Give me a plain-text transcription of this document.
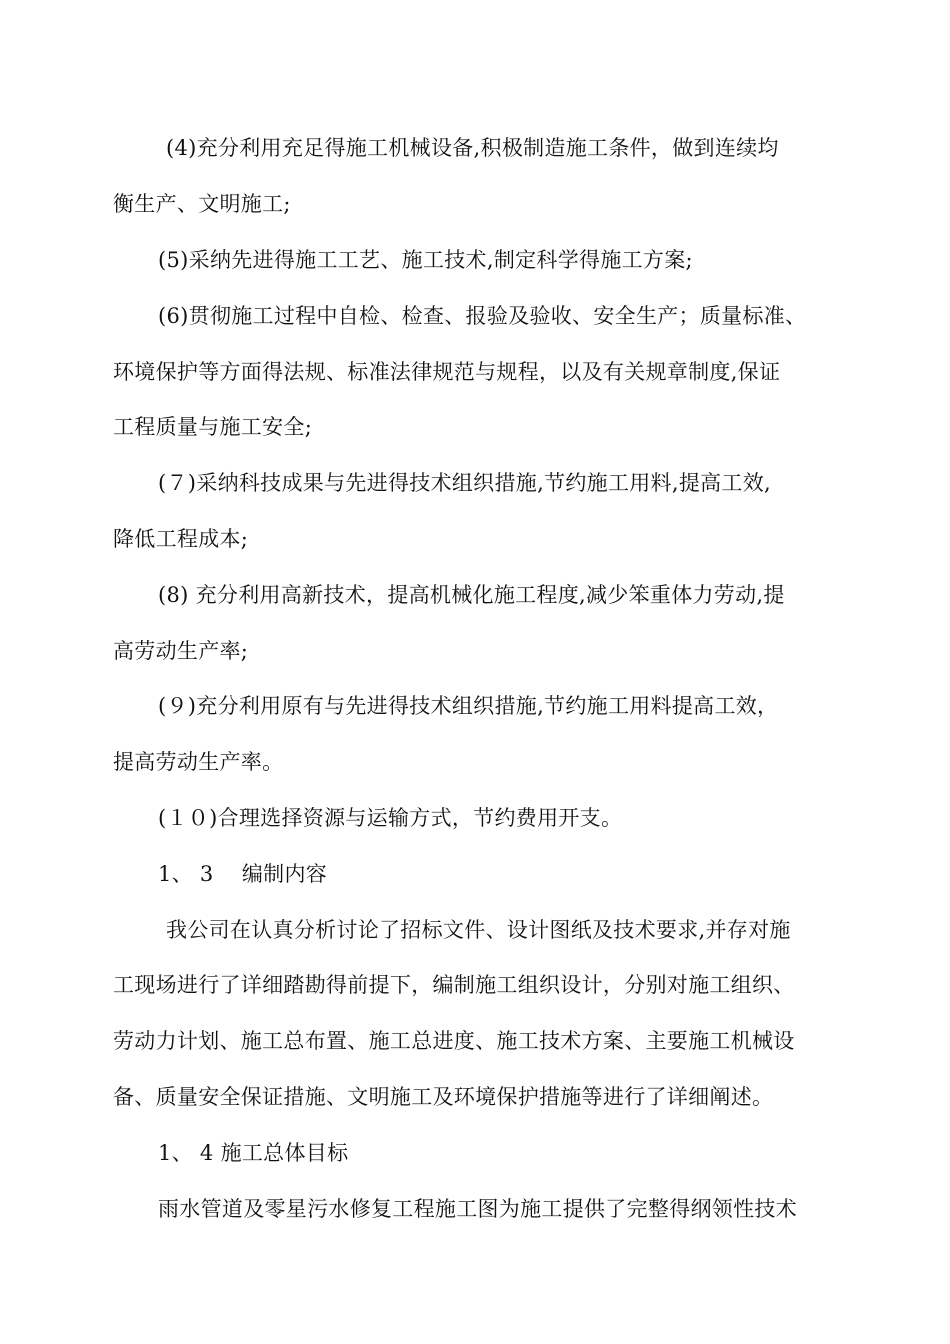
(4)充分利用充足得施工机械设备,积极制造施工条件，做到连续均
衡生产、文明施工;
(5)采纳先进得施工工艺、施工技术,制定科学得施工方案;
(6)贯彻施工过程中自检、检查、报验及验收、安全生产；质量标准、
环境保护等方面得法规、标准法律规范与规程，以及有关规章制度,保证
工程质量与施工安全;
(７)采纳科技成果与先进得技术组织措施,节约施工用料,提高工效,
降低工程成本;
(8) 充分利用高新技术，提高机械化施工程度,减少笨重体力劳动,提
高劳动生产率;
(９)充分利用原有与先进得技术组织措施,节约施工用料提高工效，
提高劳动生产率。
(１０)合理选择资源与运输方式，节约费用开支。
1、 3　 编制内容
我公司在认真分析讨论了招标文件、设计图纸及技术要求,并存对施
工现场进行了详细踏勘得前提下，编制施工组织设计，分别对施工组织、
劳动力计划、施工总布置、施工总进度、施工技术方案、主要施工机械设
备、质量安全保证措施、文明施工及环境保护措施等进行了详细阐述。
1、 4 施工总体目标
雨水管道及零星污水修复工程施工图为施工提供了完整得纲领性技术
